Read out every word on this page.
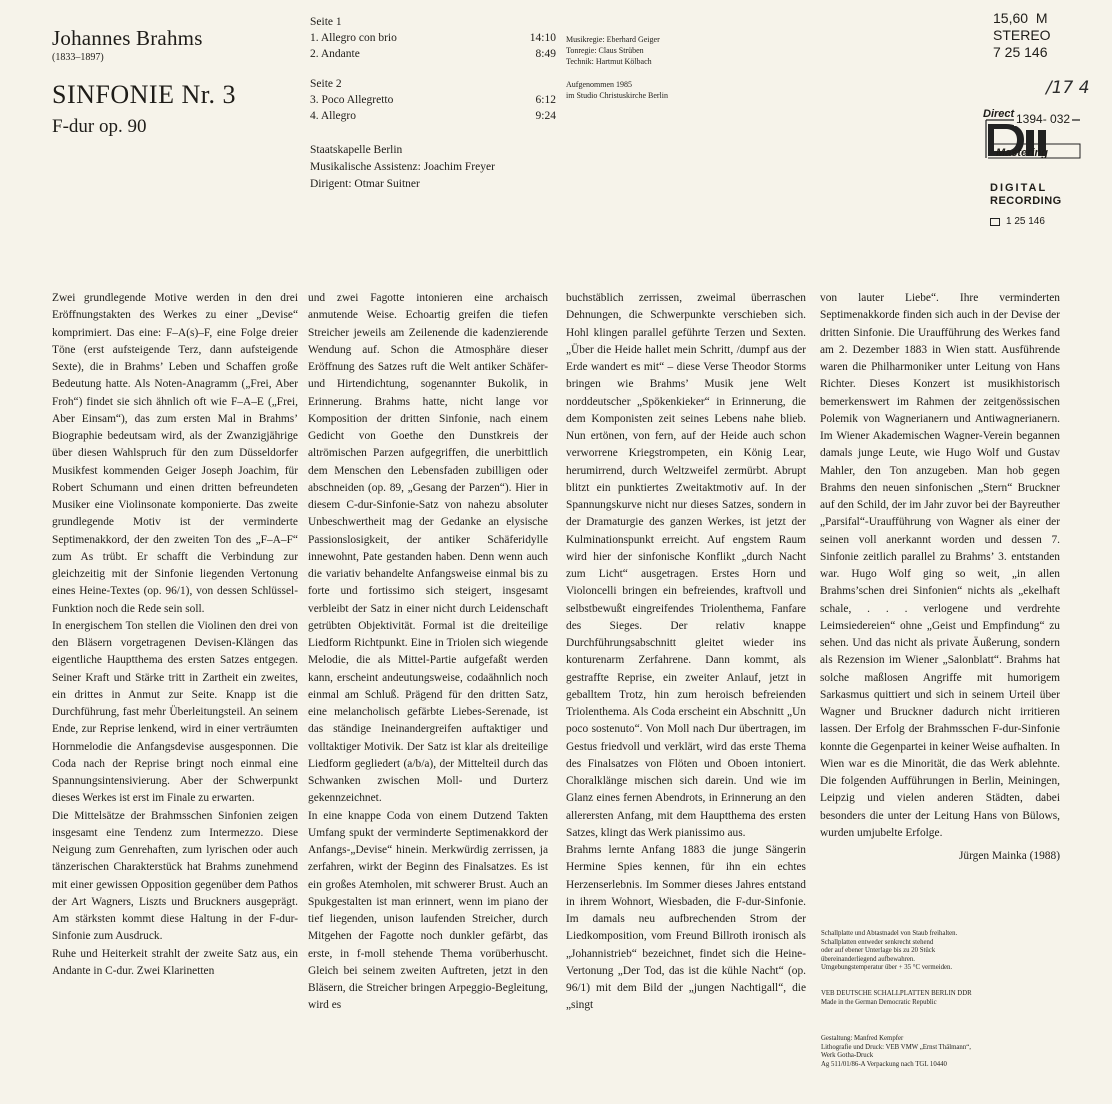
Johannes Brahms
(1833–1897)
SINFONIE Nr. 3
F-dur op. 90

Seite 1

1. Allegro con brio	14:10
2. Andante	8:49

Seite 2

3. Poco Allegretto	6:12
4. Allegro	9:24
Staatskapelle Berlin
Musikalische Assistenz: Joachim Freyer
Dirigent: Otmar Suitner
Musikregie: Eberhard Geiger
Tonregie: Claus Strüben
Technik: Hartmut Kölbach
Aufgenommen 1985
im Studio Christuskirche Berlin
15,60 M
STEREO
7 25 146
/17 4
Direct 1394- 032
Mastering
DIGITAL
RECORDING
1 25 146

Zwei grundlegende Motive werden in den drei Eröffnungstakten des Werkes zu einer „Devise“ komprimiert. Das eine: F–A(s)–F, eine Folge dreier Töne (erst aufsteigende Terz, dann aufsteigende Sexte), die in Brahms’ Leben und Schaffen große Bedeutung hatte. Als Noten-Anagramm („Frei, Aber Froh“) findet sie sich ähnlich oft wie F–A–E („Frei, Aber Einsam“), das zum ersten Mal in Brahms’ Biographie bedeutsam wird, als der Zwanzigjährige über diesen Wahlspruch für den zum Düsseldorfer Musikfest kommenden Geiger Joseph Joachim, für Robert Schumann und einen dritten befreundeten Musiker eine Violinsonate komponierte. Das zweite grundlegende Motiv ist der verminderte Septimenakkord, der den zweiten Ton des „F–A–F“ zum As trübt. Er schafft die Verbindung zur gleichzeitig mit der Sinfonie liegenden Vertonung eines Heine-Textes (op. 96/1), von dessen Schlüssel-Funktion noch die Rede sein soll.

In energischem Ton stellen die Violinen den drei von den Bläsern vorgetragenen Devisen-Klängen das eigentliche Hauptthema des ersten Satzes entgegen. Seiner Kraft und Stärke tritt in Zartheit ein zweites, ein drittes in Anmut zur Seite. Knapp ist die Durchführung, fast mehr Überleitungsteil. An seinem Ende, zur Reprise lenkend, wird in einer verträumten Hornmelodie die Anfangsdevise ausgesponnen. Die Coda nach der Reprise bringt noch einmal eine Spannungsintensivierung. Aber der Schwerpunkt dieses Werkes ist erst im Finale zu erwarten.

Die Mittelsätze der Brahmsschen Sinfonien zeigen insgesamt eine Tendenz zum Intermezzo. Diese Neigung zum Genrehaften, zum lyrischen oder auch tänzerischen Charakterstück hat Brahms zunehmend mit einer gewissen Opposition gegenüber dem Pathos der Art Wagners, Liszts und Bruckners ausgeprägt. Am stärksten kommt diese Haltung in der F-dur-Sinfonie zum Ausdruck.

Ruhe und Heiterkeit strahlt der zweite Satz aus, ein Andante in C-dur. Zwei Klarinetten

und zwei Fagotte intonieren eine archaisch anmutende Weise. Echoartig greifen die tiefen Streicher jeweils am Zeilenende die kadenzierende Wendung auf. Schon die Atmosphäre dieser Eröffnung des Satzes ruft die Welt antiker Schäfer- und Hirtendichtung, sogenannter Bukolik, in Erinnerung. Brahms hatte, nicht lange vor Komposition der dritten Sinfonie, nach einem Gedicht von Goethe den Dunstkreis der altrömischen Parzen aufgegriffen, die unerbittlich dem Menschen den Lebensfaden zubilligen oder abschneiden (op. 89, „Gesang der Parzen“). Hier in diesem C-dur-Sinfonie-Satz von nahezu absoluter Unbeschwertheit mag der Gedanke an elysische Passionslosigkeit, der antiker Schäferidylle innewohnt, Pate gestanden haben. Denn wenn auch die variativ behandelte Anfangsweise einmal bis zu forte und fortissimo sich steigert, insgesamt verbleibt der Satz in einer nicht durch Leidenschaft getrübten Objektivität. Formal ist die dreiteilige Liedform Richtpunkt. Eine in Triolen sich wiegende Melodie, die als Mittel-Partie aufgefaßt werden kann, erscheint andeutungsweise, codaähnlich noch einmal am Schluß. Prägend für den dritten Satz, eine melancholisch gefärbte Liebes-Serenade, ist das ständige Ineinandergreifen auftaktiger und volltaktiger Motivik. Der Satz ist klar als dreiteilige Liedform gegliedert (a/b/a), der Mittelteil durch das Schwanken zwischen Moll- und Durterz gekennzeichnet.

In eine knappe Coda von einem Dutzend Takten Umfang spukt der verminderte Septimenakkord der Anfangs-„Devise“ hinein. Merkwürdig zerrissen, ja zerfahren, wirkt der Beginn des Finalsatzes. Es ist ein großes Atemholen, mit schwerer Brust. Auch an Spukgestalten ist man erinnert, wenn im piano der tief liegenden, unison laufenden Streicher, durch Mitgehen der Fagotte noch dunkler gefärbt, das erste, in f-moll stehende Thema vorüberhuscht. Gleich bei seinem zweiten Auftreten, jetzt in den Bläsern, die Streicher bringen Arpeggio-Begleitung, wird es

buchstäblich zerrissen, zweimal überraschen Dehnungen, die Schwerpunkte verschieben sich. Hohl klingen parallel geführte Terzen und Sexten. „Über die Heide hallet mein Schritt, /dumpf aus der Erde wandert es mit“ – diese Verse Theodor Storms bringen wie Brahms’ Musik jene Welt norddeutscher „Spökenkieker“ in Erinnerung, die dem Komponisten zeit seines Lebens nahe blieb. Nun ertönen, von fern, auf der Heide auch schon verworrene Kriegstrompeten, ein König Lear, herumirrend, durch Weltzweifel zermürbt. Abrupt blitzt ein punktiertes Zweitaktmotiv auf. In der Spannungskurve nicht nur dieses Satzes, sondern in der Dramaturgie des ganzen Werkes, ist jetzt der Kulminationspunkt erreicht. Auf engstem Raum wird hier der sinfonische Konflikt „durch Nacht zum Licht“ ausgetragen. Erstes Horn und Violoncelli bringen ein befreiendes, kraftvoll und selbstbewußt eingreifendes Triolenthema, Fanfare des Sieges. Der relativ knappe Durchführungsabschnitt gleitet wieder ins konturenarm Zerfahrene. Dann kommt, als gestraffte Reprise, ein zweiter Anlauf, jetzt in geballtem Trotz, hin zum heroisch befreienden Triolenthema. Als Coda erscheint ein Abschnitt „Un poco sostenuto“. Von Moll nach Dur übertragen, im Gestus friedvoll und verklärt, wird das erste Thema des Finalsatzes von Flöten und Oboen intoniert. Choralklänge mischen sich darein. Und wie im Glanz eines fernen Abendrots, in Erinnerung an den allerersten Anfang, mit dem Hauptthema des ersten Satzes, klingt das Werk pianissimo aus.

Brahms lernte Anfang 1883 die junge Sängerin Hermine Spies kennen, für ihn ein echtes Herzenserlebnis. Im Sommer dieses Jahres entstand in ihrem Wohnort, Wiesbaden, die F-dur-Sinfonie. Im damals neu aufbrechenden Strom der Liedkomposition, vom Freund Billroth ironisch als „Johannistrieb“ bezeichnet, findet sich die Heine-Vertonung „Der Tod, das ist die kühle Nacht“ (op. 96/1) mit dem Bild der „jungen Nachtigall“, die „singt

von lauter Liebe“. Ihre verminderten Septimenakkorde finden sich auch in der Devise der dritten Sinfonie. Die Uraufführung des Werkes fand am 2. Dezember 1883 in Wien statt. Ausführende waren die Philharmoniker unter Leitung von Hans Richter. Dieses Konzert ist musikhistorisch bemerkenswert im Rahmen der zeitgenössischen Polemik von Wagnerianern und Antiwagnerianern. Im Wiener Akademischen Wagner-Verein begannen damals junge Leute, wie Hugo Wolf und Gustav Mahler, den Ton anzugeben. Man hob gegen Brahms den neuen sinfonischen „Stern“ Bruckner auf den Schild, der im Jahr zuvor bei der Bayreuther „Parsifal“-Uraufführung von Wagner als einer der seinen voll anerkannt worden und dessen 7. Sinfonie zeitlich parallel zu Brahms’ 3. entstanden war. Hugo Wolf ging so weit, „in allen Brahms’schen drei Sinfonien“ nichts als „ekelhaft schale, . . . verlogene und verdrehte Leimsiedereien“ ohne „Geist und Empfindung“ zu sehen. Und das nicht als private Äußerung, sondern als Rezension im Wiener „Salonblatt“. Brahms hat solche maßlosen Angriffe mit humorigem Sarkasmus quittiert und sich in seinem Urteil über Wagner und Bruckner dadurch nicht irritieren lassen. Der Erfolg der Brahmsschen F-dur-Sinfonie konnte die Gegenpartei in keiner Weise aufhalten. In Wien war es die Minorität, die das Werk ablehnte. Die folgenden Aufführungen in Berlin, Meiningen, Leipzig und vielen anderen Städten, dabei besonders die unter der Leitung Hans von Bülows, wurden umjubelte Erfolge.

Jürgen Mainka (1988)

Schallplatte und Abtastnadel von Staub freihalten.
Schallplatten entweder senkrecht stehend
oder auf ebener Unterlage bis zu 20 Stück
übereinanderliegend aufbewahren.
Umgebungstemperatur über + 35 °C vermeiden.
VEB DEUTSCHE SCHALLPLATTEN BERLIN DDR
Made in the German Democratic Republic
Gestaltung: Manfred Kempfer
Lithografie und Druck: VEB VMW „Ernst Thälmann“,
Werk Gotha-Druck
Ag 511/01/86-A Verpackung nach TGL 10440
